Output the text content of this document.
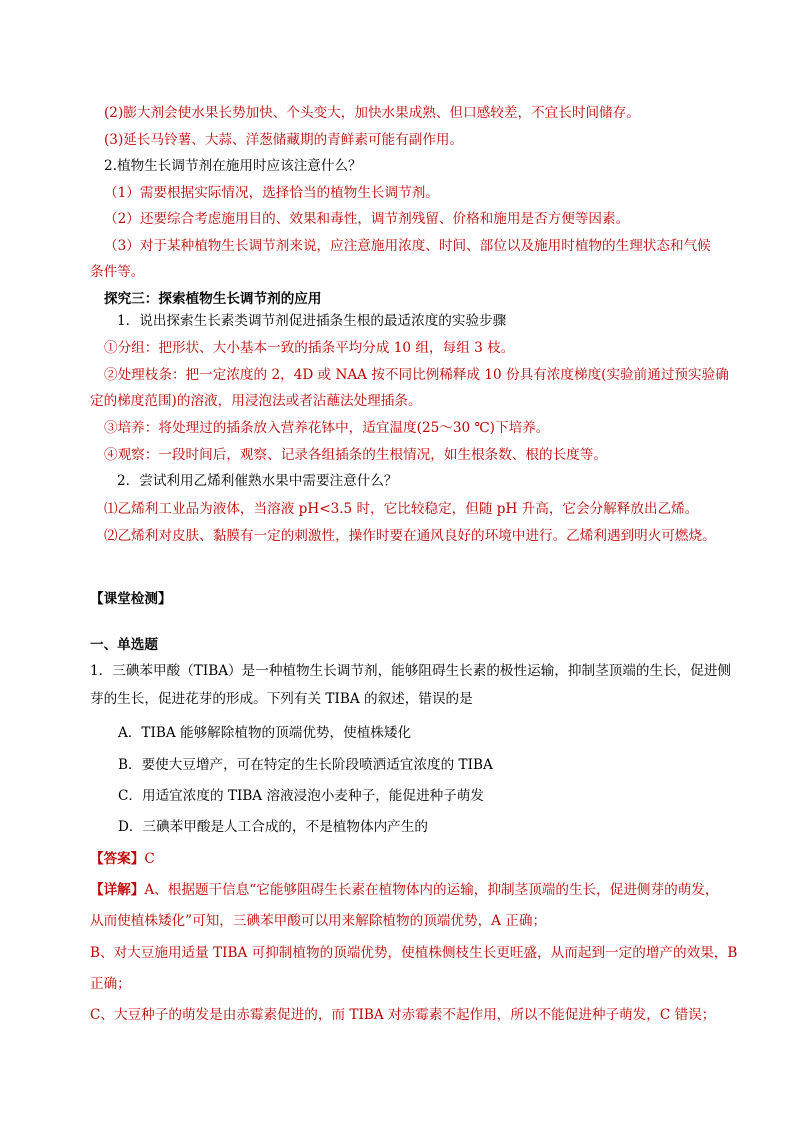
(2)膨大剂会使水果长势加快、个头变大，加快水果成熟、但口感较差，不宜长时间储存。
(3)延长马铃薯、大蒜、洋葱储藏期的青鲜素可能有副作用。
2.植物生长调节剂在施用时应该注意什么？
（1）需要根据实际情况，选择恰当的植物生长调节剂。
（2）还要综合考虑施用目的、效果和毒性，调节剂残留、价格和施用是否方便等因素。
（3）对于某种植物生长调节剂来说，应注意施用浓度、时间、部位以及施用时植物的生理状态和气候
条件等。
探究三：探索植物生长调节剂的应用
1．说出探索生长素类调节剂促进插条生根的最适浓度的实验步骤
①分组：把形状、大小基本一致的插条平均分成 10 组，每组 3 枝。
②处理枝条：把一定浓度的 2，4D 或 NAA 按不同比例稀释成 10 份具有浓度梯度(实验前通过预实验确
定的梯度范围)的溶液，用浸泡法或者沾蘸法处理插条。
③培养：将处理过的插条放入营养花钵中，适宜温度(25～30 ℃)下培养。
④观察：一段时间后，观察、记录各组插条的生根情况，如生根条数、根的长度等。
2．尝试利用乙烯利催熟水果中需要注意什么？
⑴乙烯利工业品为液体，当溶液 pH<3.5 时，它比较稳定，但随 pH 升高，它会分解释放出乙烯。
⑵乙烯利对皮肤、黏膜有一定的刺激性，操作时要在通风良好的环境中进行。乙烯利遇到明火可燃烧。
【课堂检测】
一、单选题
1．三碘苯甲酸（TIBA）是一种植物生长调节剂，能够阻碍生长素的极性运输，抑制茎顶端的生长，促进侧
芽的生长，促进花芽的形成。下列有关 TIBA 的叙述，错误的是
A．TIBA 能够解除植物的顶端优势，使植株矮化
B．要使大豆增产，可在特定的生长阶段喷洒适宜浓度的 TIBA
C．用适宜浓度的 TIBA 溶液浸泡小麦种子，能促进种子萌发
D．三碘苯甲酸是人工合成的，不是植物体内产生的
【答案】C
【详解】A、根据题干信息“它能够阻碍生长素在植物体内的运输，抑制茎顶端的生长，促进侧芽的萌发，
从而使植株矮化”可知，三碘苯甲酸可以用来解除植物的顶端优势，A 正确；
B、对大豆施用适量 TIBA 可抑制植物的顶端优势，使植株侧枝生长更旺盛，从而起到一定的增产的效果，B
正确；
C、大豆种子的萌发是由赤霉素促进的，而 TIBA 对赤霉素不起作用，所以不能促进种子萌发，C 错误；
